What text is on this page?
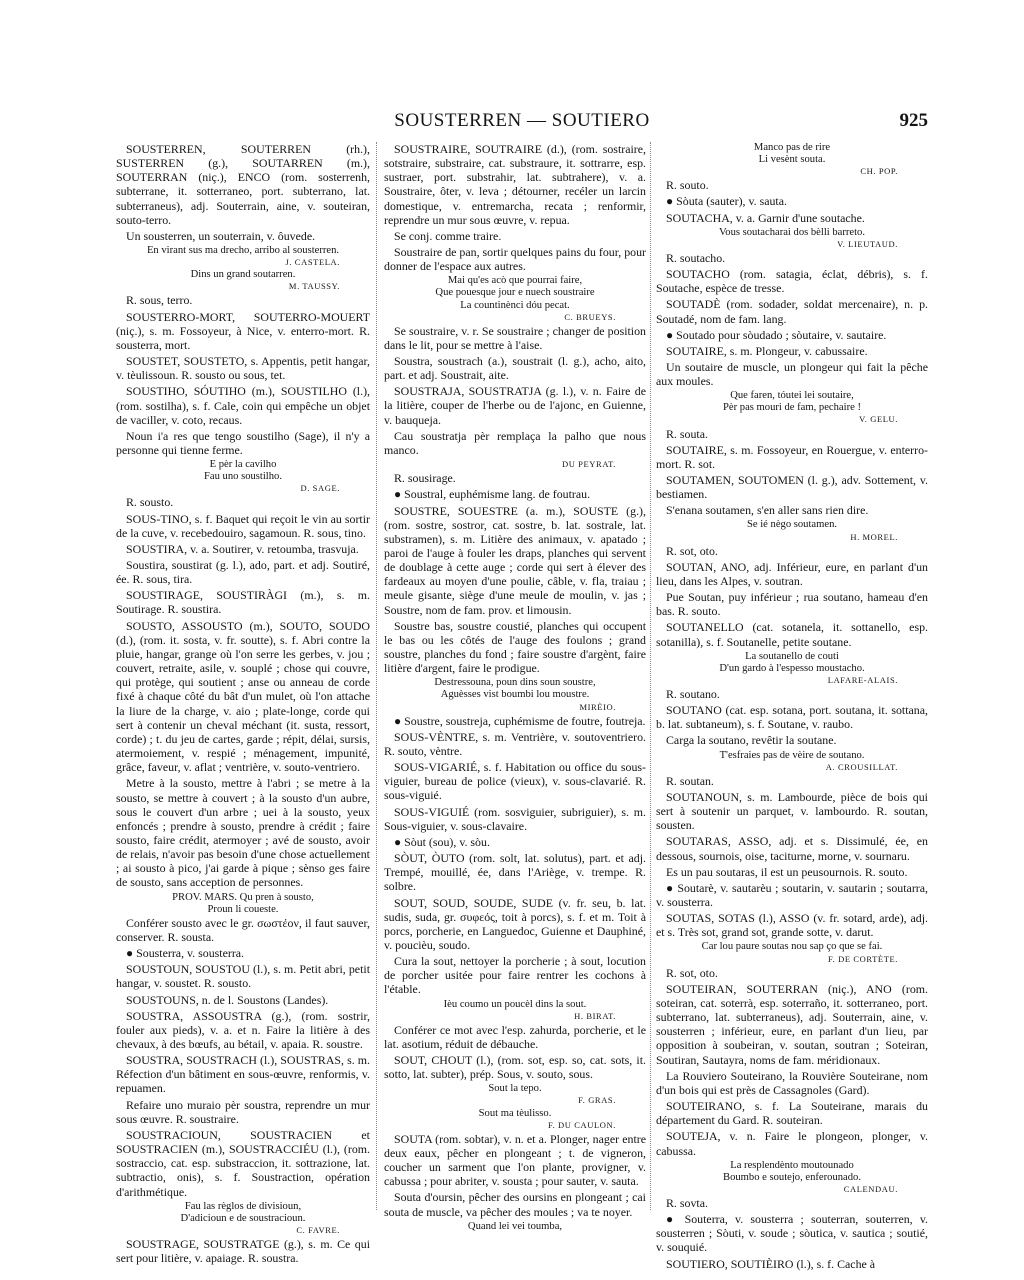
SOUSTERREN — SOUTIERO	925

SOUSTERREN, SOUTERREN (rh.), SUSTERREN (g.), SOUTARREN (m.), SOUTERRAN (niç.), ENCO (rom. sosterrenh, subterrane, it. sotterraneo, port. subterrano, lat. subterraneus), adj. Souterrain, aine, v. souteiran, souto-terro.

Un sousterren, un souterrain, v. ôuvede.

En virant sus ma drecho, arribo al sousterren.

J. CASTELA.

Dins un grand soutarren.

M. TAUSSY.

R. sous, terro.

SOUSTERRO-MORT, SOUTERRO-MOUERT (niç.), s. m. Fossoyeur, à Nice, v. enterro-mort. R. sousterra, mort.

SOUSTET, SOUSTETO, s. Appentis, petit hangar, v. tèulissoun. R. sousto ou sous, tet.

SOUSTIHO, SÓUTIHO (m.), SOUSTILHO (l.), (rom. sostilha), s. f. Cale, coin qui empêche un objet de vaciller, v. coto, recaus.

Noun i'a res que tengo soustilho (Sage), il n'y a personne qui tienne ferme.

E pèr la cavilho

Fau uno soustilho.

D. SAGE.

R. sousto.

SOUS-TINO, s. f. Baquet qui reçoit le vin au sortir de la cuve, v. recebedouiro, sagamoun. R. sous, tino.

SOUSTIRA, v. a. Soutirer, v. retoumba, trasvuja.

Soustira, soustirat (g. l.), ado, part. et adj. Soutiré, ée. R. sous, tira.

SOUSTIRAGE, SOUSTIRÀGI (m.), s. m. Soutirage. R. soustira.

SOUSTO, ASSOUSTO (m.), SOUTO, SOUDO (d.), (rom. it. sosta, v. fr. soutte), s. f. Abri contre la pluie, hangar, grange où l'on serre les gerbes, v. jou ; couvert, retraite, asile, v. souplé ; chose qui couvre, qui protège, qui soutient ; anse ou anneau de corde fixé à chaque côté du bât d'un mulet, où l'on attache la liure de la charge, v. aio ; plate-longe, corde qui sert à contenir un cheval méchant (it. susta, ressort, corde) ; t. du jeu de cartes, garde ; répit, délai, sursis, atermoiement, v. respié ; ménagement, impunité, grâce, faveur, v. aflat ; ventrière, v. souto-ventriero.

Metre à la sousto, mettre à l'abri ; se metre à la sousto, se mettre à couvert ; à la sousto d'un aubre, sous le couvert d'un arbre ; uei à la sousto, yeux enfoncés ; prendre à sousto, prendre à crédit ; faire sousto, faire crédit, atermoyer ; avé de sousto, avoir de relais, n'avoir pas besoin d'une chose actuellement ; ai sousto à pico, j'ai garde à pique ; sènso ges faire de sousto, sans acception de personnes.

PROV. MARS. Qu pren à sousto,

Proun li coueste.

Conférer sousto avec le gr. σωστέον, il faut sauver, conserver. R. sousta.

● Sousterra, v. sousterra.

SOUSTOUN, SOUSTOU (l.), s. m. Petit abri, petit hangar, v. soustet. R. sousto.

SOUSTOUNS, n. de l. Soustons (Landes).

SOUSTRA, ASSOUSTRA (g.), (rom. sostrir, fouler aux pieds), v. a. et n. Faire la litière à des chevaux, à des bœufs, au bétail, v. apaia. R. soustre.

SOUSTRA, SOUSTRACH (l.), SOUSTRAS, s. m. Réfection d'un bâtiment en sous-œuvre, renformis, v. repuamen.

Refaire uno muraio pèr soustra, reprendre un mur sous œuvre. R. soustraire.

SOUSTRACIOUN, SOUSTRACIEN et SOUSTRACIEN (m.), SOUSTRACCIÉU (l.), (rom. sostraccio, cat. esp. substraccion, it. sottrazione, lat. subtractio, onis), s. f. Soustraction, opération d'arithmétique.

Fau las règlos de divisioun,

D'adicioun e de soustracioun.

C. FAVRE.

SOUSTRAGE, SOUSTRATGE (g.), s. m. Ce qui sert pour litière, v. apaiage. R. soustra.

SOUSTRAIRE, SOUTRAIRE (d.), (rom. sostraire, sotstraire, substraire, cat. substraure, it. sottrarre, esp. sustraer, port. substrahir, lat. subtrahere), v. a. Soustraire, ôter, v. leva ; détourner, recéler un larcin domestique, v. entremarcha, recata ; renformir, reprendre un mur sous œuvre, v. repua.

Se conj. comme traire.

Soustraire de pan, sortir quelques pains du four, pour donner de l'espace aux autres.

Mai qu'es acò que pourrai faire,

Que pouesque jour e nuech soustraire

La countinènci dóu pecat.

C. BRUEYS.

Se soustraire, v. r. Se soustraire ; changer de position dans le lit, pour se mettre à l'aise.

Soustra, soustrach (a.), soustrait (l. g.), acho, aito, part. et adj. Soustrait, aite.

SOUSTRAJA, SOUSTRATJA (g. l.), v. n. Faire de la litière, couper de l'herbe ou de l'ajonc, en Guienne, v. bauqueja.

Cau soustratja pèr remplaça la palho que nous manco.

DU PEYRAT.

R. sousirage.

● Soustral, euphémisme lang. de foutrau.

SOUSTRE, SOUESTRE (a. m.), SOUSTE (g.), (rom. sostre, sostror, cat. sostre, b. lat. sostrale, lat. substramen), s. m. Litière des animaux, v. apatado ; paroi de l'auge à fouler les draps, planches qui servent de doublage à cette auge ; corde qui sert à élever des fardeaux au moyen d'une poulie, câble, v. fla, traiau ; meule gisante, siège d'une meule de moulin, v. jas ; Soustre, nom de fam. prov. et limousin.

Soustre bas, soustre coustié, planches qui occupent le bas ou les côtés de l'auge des foulons ; grand soustre, planches du fond ; faire soustre d'argènt, faire litière d'argent, faire le prodigue.

Destressouna, poun dins soun soustre,

Aguèsses vist boumbi lou moustre.

MIRÈIO.

● Soustre, soustreja, cuphémisme de foutre, foutreja.

SOUS-VÈNTRE, s. m. Ventrière, v. soutoventriero. R. souto, vèntre.

SOUS-VIGARIÉ, s. f. Habitation ou office du sous-viguier, bureau de police (vieux), v. sous-clavarié. R. sous-viguié.

SOUS-VIGUIÉ (rom. sosviguier, subriguier), s. m. Sous-viguier, v. sous-clavaire.

● Sòut (sou), v. sòu.

SÒUT, ÒUTO (rom. solt, lat. solutus), part. et adj. Trempé, mouillé, ée, dans l'Ariège, v. trempe. R. solbre.

SOUT, SOUD, SOUDE, SUDE (v. fr. seu, b. lat. sudis, suda, gr. συφεός, toit à porcs), s. f. et m. Toit à porcs, porcherie, en Languedoc, Guienne et Dauphiné, v. poucièu, soudo.

Cura la sout, nettoyer la porcherie ; à sout, locution de porcher usitée pour faire rentrer les cochons à l'étable.

Ièu coumo un poucèl dins la sout.

H. BIRAT.

Conférer ce mot avec l'esp. zahurda, porcherie, et le lat. asotium, réduit de débauche.

SOUT, CHOUT (l.), (rom. sot, esp. so, cat. sots, it. sotto, lat. subter), prép. Sous, v. souto, sous.

Sout la tepo.

F. GRAS.

Sout ma tèulisso.

F. DU CAULON.

SOUTA (rom. sobtar), v. n. et a. Plonger, nager entre deux eaux, pêcher en plongeant ; t. de vigneron, coucher un sarment que l'on plante, provigner, v. cabussa ; pour abriter, v. sousta ; pour sauter, v. sauta.

Souta d'oursin, pêcher des oursins en plongeant ; cai souta de muscle, va pêcher des moules ; va te noyer.

Quand lei vei toumba,

Manco pas de rire

Li vesènt souta.

CH. POP.

R. souto.

● Sòuta (sauter), v. sauta.

SOUTACHA, v. a. Garnir d'une soutache.

Vous soutacharai dos bèlli barreto.

V. LIEUTAUD.

R. soutacho.

SOUTACHO (rom. satagia, éclat, débris), s. f. Soutache, espèce de tresse.

SOUTADÈ (rom. sodader, soldat mercenaire), n. p. Soutadé, nom de fam. lang.

● Soutado pour sòudado ; sòutaire, v. sautaire.

SOUTAIRE, s. m. Plongeur, v. cabussaire.

Un soutaire de muscle, un plongeur qui fait la pêche aux moules.

Que faren, tóutei lei soutaire,

Pèr pas mouri de fam, pechaire !

V. GELU.

R. souta.

SOUTAIRE, s. m. Fossoyeur, en Rouergue, v. enterro-mort. R. sot.

SOUTAMEN, SOUTOMEN (l. g.), adv. Sottement, v. bestiamen.

S'enana soutamen, s'en aller sans rien dire.

Se ié nègo soutamen.

H. MOREL.

R. sot, oto.

SOUTAN, ANO, adj. Inférieur, eure, en parlant d'un lieu, dans les Alpes, v. soutran.

Pue Soutan, puy inférieur ; rua soutano, hameau d'en bas. R. souto.

SOUTANELLO (cat. sotanela, it. sottanello, esp. sotanilla), s. f. Soutanelle, petite soutane.

La soutanello de couti

D'un gardo à l'espesso moustacho.

LAFARE-ALAIS.

R. soutano.

SOUTANO (cat. esp. sotana, port. soutana, it. sottana, b. lat. subtaneum), s. f. Soutane, v. raubo.

Carga la soutano, revêtir la soutane.

T'esfraies pas de vèire de soutano.

A. CROUSILLAT.

R. soutan.

SOUTANOUN, s. m. Lambourde, pièce de bois qui sert à soutenir un parquet, v. lambourdo. R. soutan, sousten.

SOUTARAS, ASSO, adj. et s. Dissimulé, ée, en dessous, sournois, oise, taciturne, morne, v. sournaru.

Es un pau soutaras, il est un peusournois. R. souto.

● Soutarè, v. sautarèu ; soutarin, v. sautarin ; soutarra, v. sousterra.

SOUTAS, SOTAS (l.), ASSO (v. fr. sotard, arde), adj. et s. Très sot, grand sot, grande sotte, v. darut.

Car lou paure soutas nou sap ço que se fai.

F. DE CORTÈTE.

R. sot, oto.

SOUTEIRAN, SOUTERRAN (niç.), ANO (rom. soteiran, cat. soterrà, esp. soterraño, it. sotterraneo, port. subterrano, lat. subterraneus), adj. Souterrain, aine, v. sousterren ; inférieur, eure, en parlant d'un lieu, par opposition à soubeiran, v. soutan, soutran ; Soteiran, Soutiran, Sautayra, noms de fam. méridionaux.

La Rouviero Souteirano, la Rouvière Souteiranе, nom d'un bois qui est près de Cassagnoles (Gard).

SOUTEIRANO, s. f. La Souteirane, marais du département du Gard. R. souteiran.

SOUTEJA, v. n. Faire le plongeon, plonger, v. cabussa.

La resplendènto moutounado

Boumbo e soutejo, enferounado.

CALENDAU.

R. sovta.

● Souterra, v. sousterra ; souterran, souterren, v. sousterren ; Sòuti, v. soude ; sòutica, v. sautica ; soutié, v. souquié.

SOUTIERO, SOUTIÈIRO (l.), s. f. Cache à
